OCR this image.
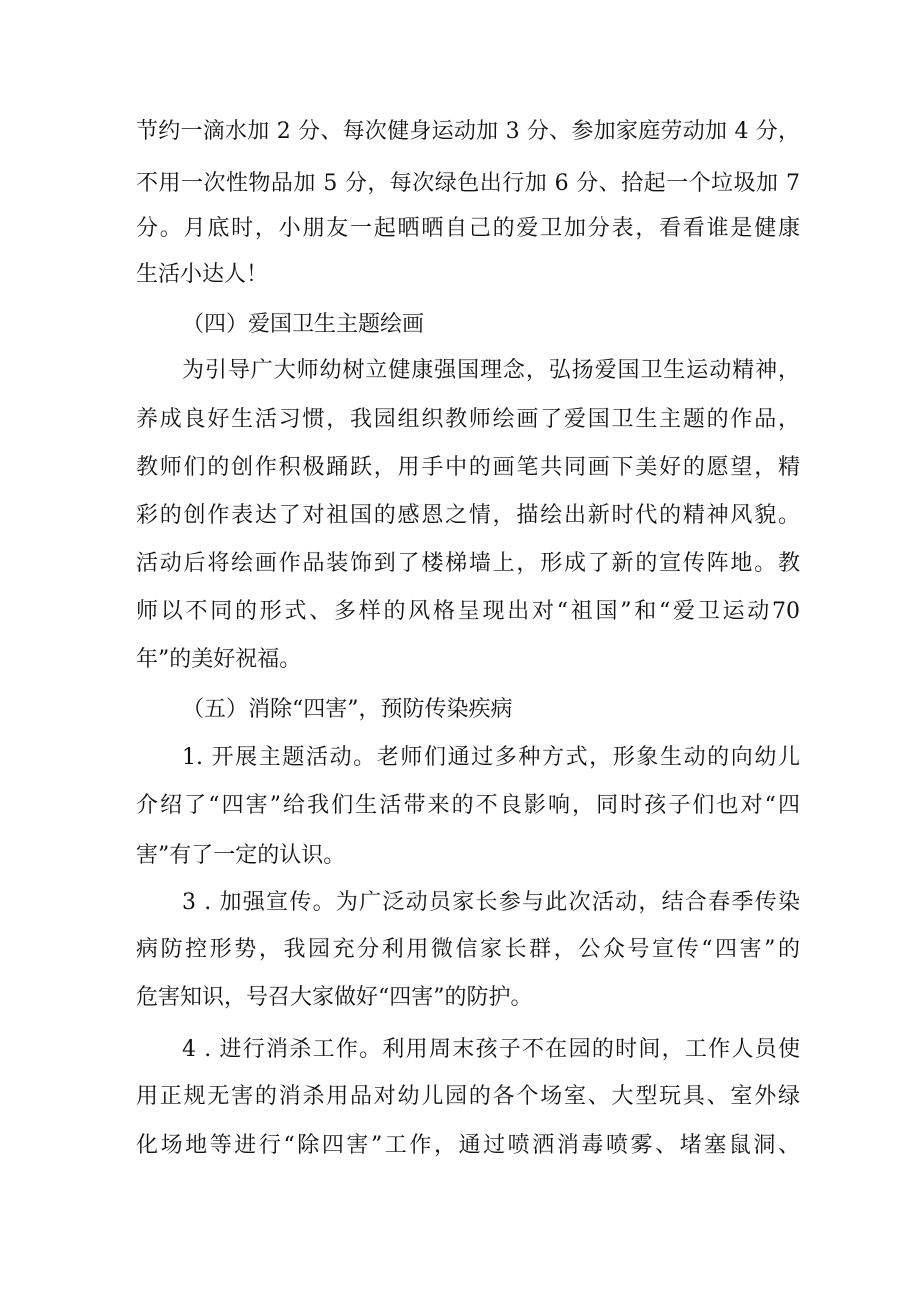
节约一滴水加 2 分、每次健身运动加 3 分、参加家庭劳动加 4 分，

不用一次性物品加 5 分，每次绿色出行加 6 分、拾起一个垃圾加 7

分。月底时，小朋友一起晒晒自己的爱卫加分表，看看谁是健康

生活小达人！

（四）爱国卫生主题绘画

为引导广大师幼树立健康强国理念，弘扬爱国卫生运动精神，

养成良好生活习惯，我园组织教师绘画了爱国卫生主题的作品，

教师们的创作积极踊跃，用手中的画笔共同画下美好的愿望，精

彩的创作表达了对祖国的感恩之情，描绘出新时代的精神风貌。

活动后将绘画作品装饰到了楼梯墙上，形成了新的宣传阵地。教

师以不同的形式、多样的风格呈现出对“祖国”和“爱卫运动70

年”的美好祝福。

（五）消除“四害”，预防传染疾病

1. 开展主题活动。老师们通过多种方式，形象生动的向幼儿

介绍了“四害”给我们生活带来的不良影响，同时孩子们也对“四

害”有了一定的认识。

3 . 加强宣传。为广泛动员家长参与此次活动，结合春季传染

病防控形势，我园充分利用微信家长群，公众号宣传“四害”的

危害知识，号召大家做好“四害”的防护。

4 . 进行消杀工作。利用周末孩子不在园的时间，工作人员使

用正规无害的消杀用品对幼儿园的各个场室、大型玩具、室外绿

化场地等进行“除四害”工作，通过喷洒消毒喷雾、堵塞鼠洞、
